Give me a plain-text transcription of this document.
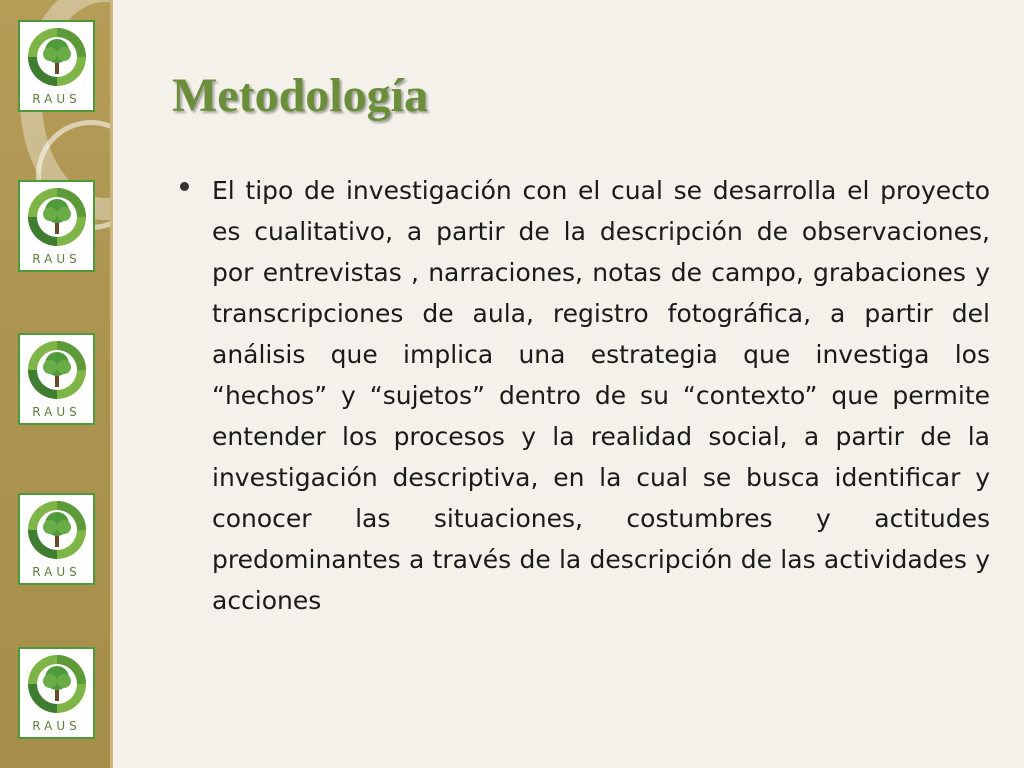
RAUS
RAUS
RAUS
RAUS
RAUS
Metodología

El tipo de investigación con el cual se desarrolla el proyecto es cualitativo, a partir de la descripción de observaciones, por entrevistas , narraciones, notas de campo, grabaciones y transcripciones de aula, registro fotográfica, a partir del análisis que implica una estrategia que investiga los “hechos” y “sujetos” dentro de su “contexto” que permite entender los procesos y la realidad social, a partir de la investigación descriptiva, en la cual se busca identificar y conocer las situaciones, costumbres y actitudes predominantes a través de la descripción de las actividades y acciones
